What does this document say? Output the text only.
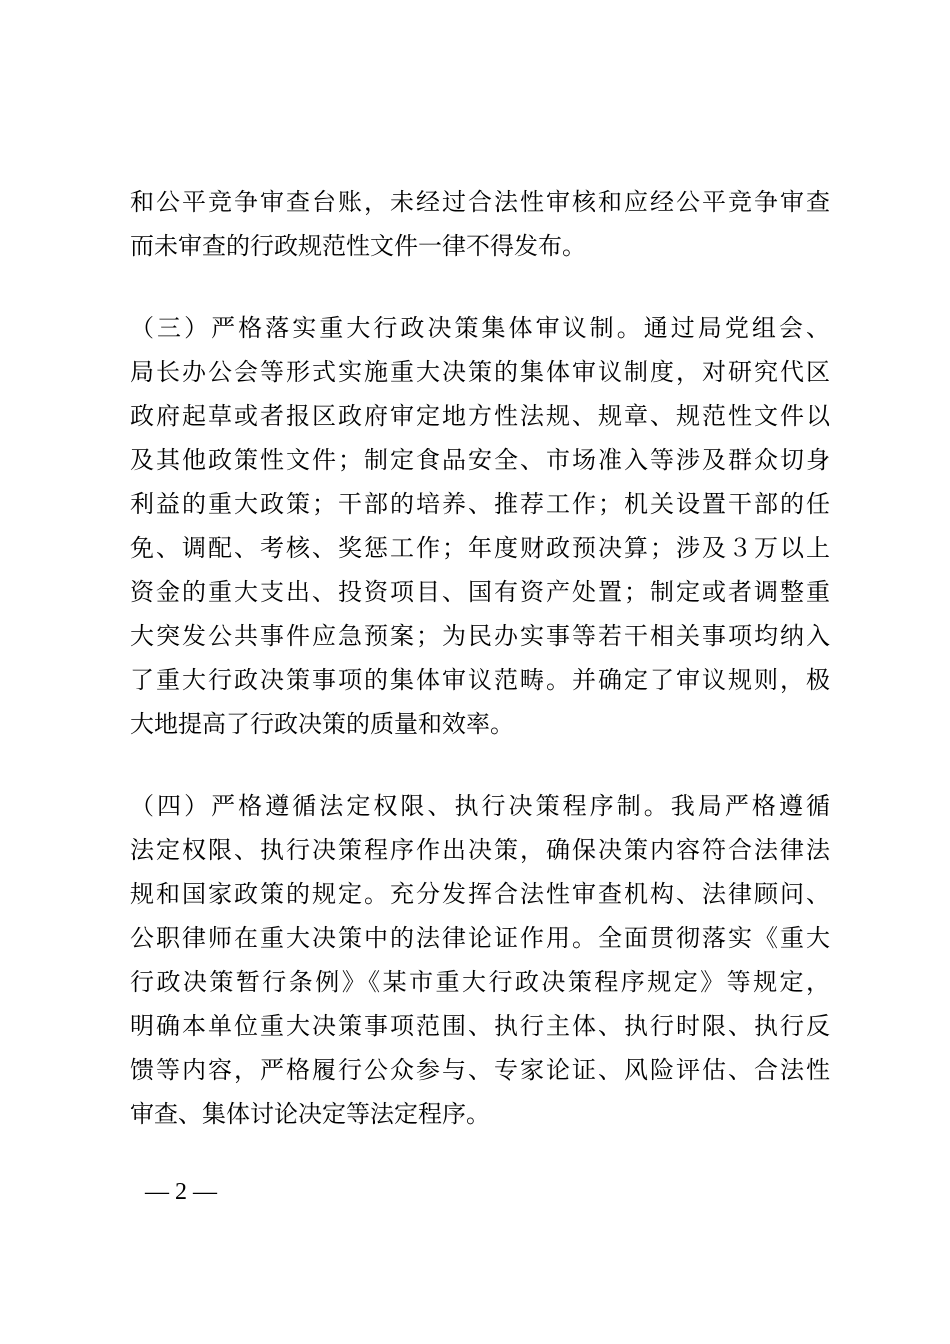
和公平竞争审查台账，未经过合法性审核和应经公平竞争审查
而未审查的行政规范性文件一律不得发布。
（三）严格落实重大行政决策集体审议制。通过局党组会、
局长办公会等形式实施重大决策的集体审议制度，对研究代区
政府起草或者报区政府审定地方性法规、规章、规范性文件以
及其他政策性文件；制定食品安全、市场准入等涉及群众切身
利益的重大政策；干部的培养、推荐工作；机关设置干部的任
免、调配、考核、奖惩工作；年度财政预决算；涉及３万以上
资金的重大支出、投资项目、国有资产处置；制定或者调整重
大突发公共事件应急预案；为民办实事等若干相关事项均纳入
了重大行政决策事项的集体审议范畴。并确定了审议规则，极
大地提高了行政决策的质量和效率。
（四）严格遵循法定权限、执行决策程序制。我局严格遵循
法定权限、执行决策程序作出决策，确保决策内容符合法律法
规和国家政策的规定。充分发挥合法性审查机构、法律顾问、
公职律师在重大决策中的法律论证作用。全面贯彻落实《重大
行政决策暂行条例》《某市重大行政决策程序规定》等规定，
明确本单位重大决策事项范围、执行主体、执行时限、执行反
馈等内容，严格履行公众参与、专家论证、风险评估、合法性
审查、集体讨论决定等法定程序。
— 2 —
